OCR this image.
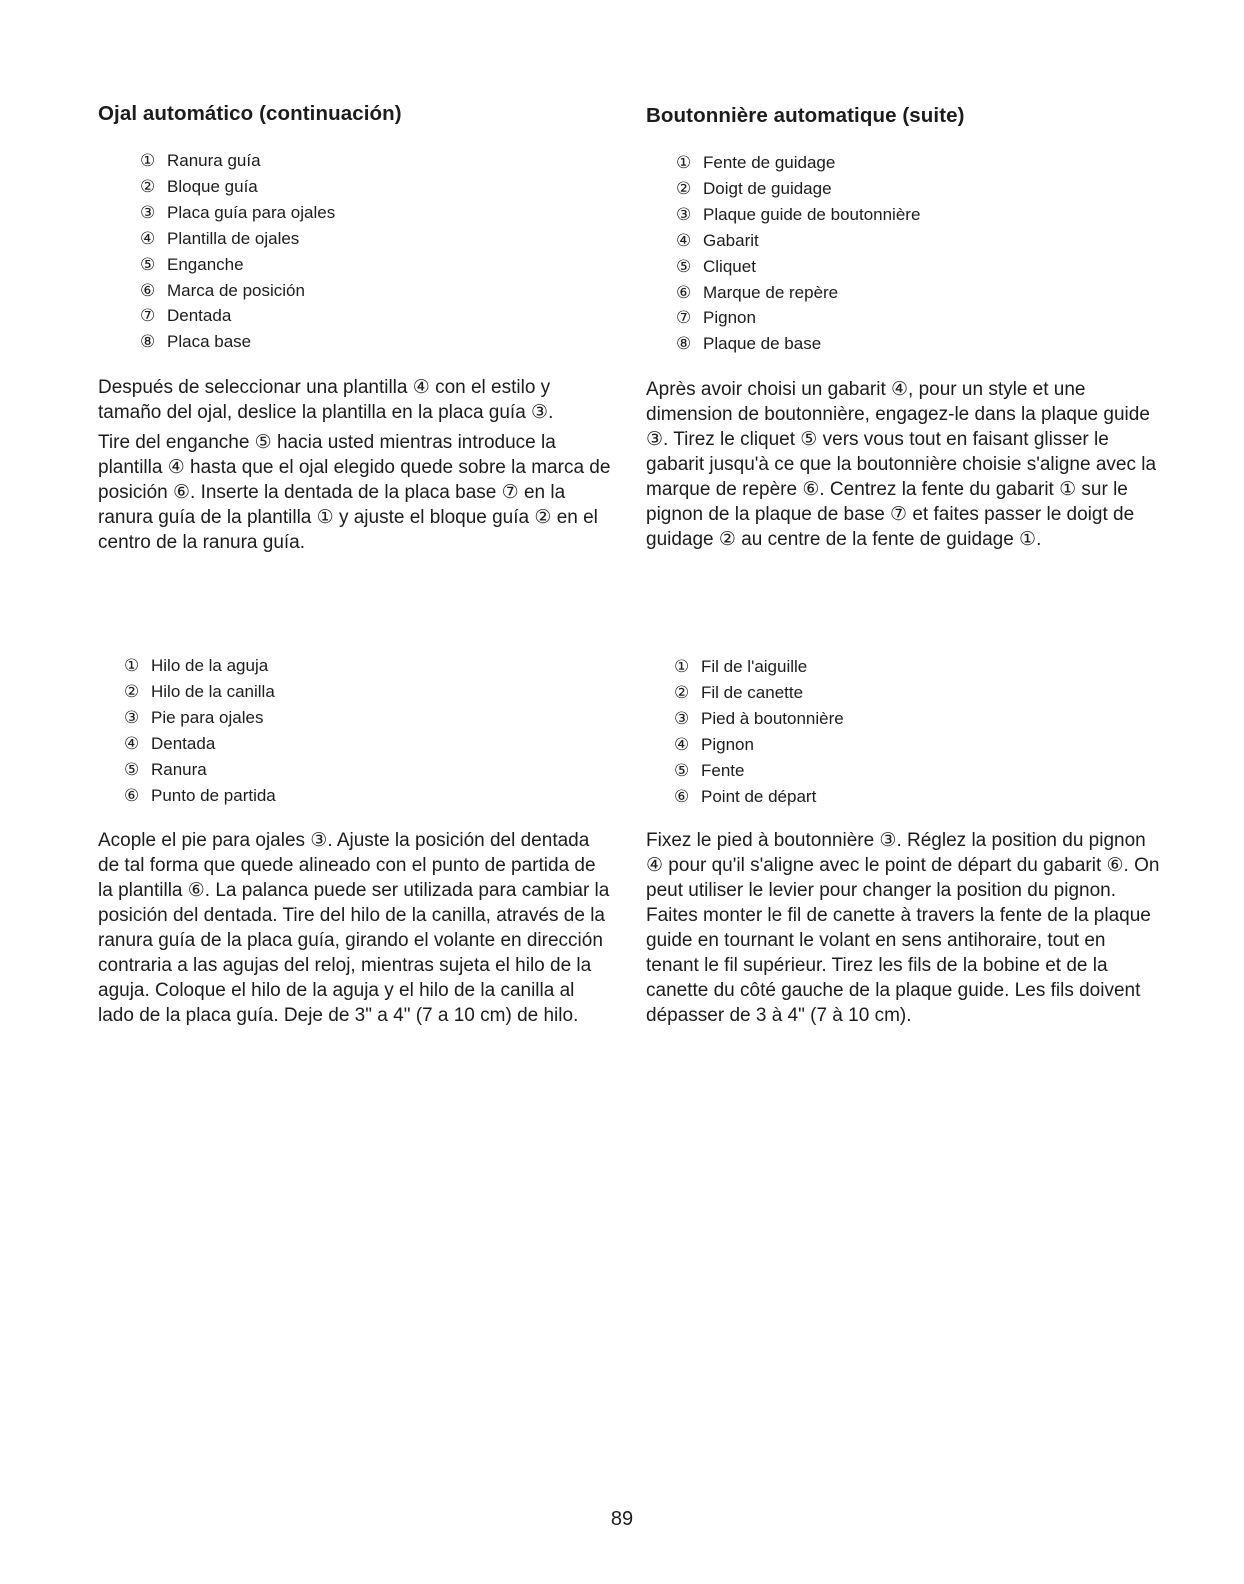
Ojal automático (continuación)
① Ranura guía
② Bloque guía
③ Placa guía para ojales
④ Plantilla de ojales
⑤ Enganche
⑥ Marca de posición
⑦ Dentada
⑧ Placa base

Después de seleccionar una plantilla ④ con el estilo y tamaño del ojal, deslice la plantilla en la placa guía ③.

Tire del enganche ⑤ hacia usted mientras introduce la plantilla ④ hasta que el ojal elegido quede sobre la marca de posición ⑥. Inserte la dentada de la placa base ⑦ en la ranura guía de la plantilla ① y ajuste el bloque guía ② en el centro de la ranura guía.

① Hilo de la aguja
② Hilo de la canilla
③ Pie para ojales
④ Dentada
⑤ Ranura
⑥ Punto de partida

Acople el pie para ojales ③. Ajuste la posición del dentada de tal forma que quede alineado con el punto de partida de la plantilla ⑥. La palanca puede ser utilizada para cambiar la posición del dentada. Tire del hilo de la canilla, através de la ranura guía de la placa guía, girando el volante en dirección contraria a las agujas del reloj, mientras sujeta el hilo de la aguja. Coloque el hilo de la aguja y el hilo de la canilla al lado de la placa guía. Deje de 3" a 4" (7 a 10 cm) de hilo.

Boutonnière automatique (suite)
① Fente de guidage
② Doigt de guidage
③ Plaque guide de boutonnière
④ Gabarit
⑤ Cliquet
⑥ Marque de repère
⑦ Pignon
⑧ Plaque de base

Après avoir choisi un gabarit ④, pour un style et une dimension de boutonnière, engagez-le dans la plaque guide ③. Tirez le cliquet ⑤ vers vous tout en faisant glisser le gabarit jusqu'à ce que la boutonnière choisie s'aligne avec la marque de repère ⑥. Centrez la fente du gabarit ① sur le pignon de la plaque de base ⑦ et faites passer le doigt de guidage ② au centre de la fente de guidage ①.

① Fil de l'aiguille
② Fil de canette
③ Pied à boutonnière
④ Pignon
⑤ Fente
⑥ Point de départ

Fixez le pied à boutonnière ③. Réglez la position du pignon ④ pour qu'il s'aligne avec le point de départ du gabarit ⑥. On peut utiliser le levier pour changer la position du pignon. Faites monter le fil de canette à travers la fente de la plaque guide en tournant le volant en sens antihoraire, tout en tenant le fil supérieur. Tirez les fils de la bobine et de la canette du côté gauche de la plaque guide. Les fils doivent dépasser de 3 à 4" (7 à 10 cm).

89
